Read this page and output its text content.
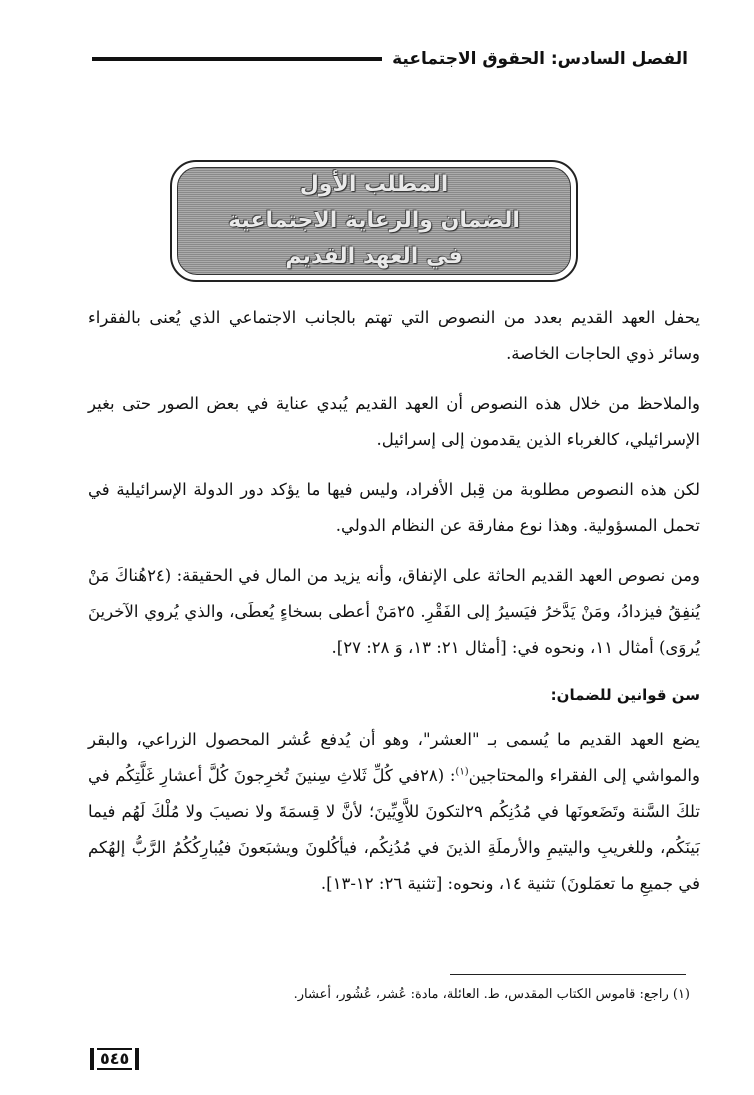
الفصل السادس: الحقوق الاجتماعية
المطلب الأول
الضمان والرعاية الاجتماعية
في العهد القديم

يحفل العهد القديم بعدد من النصوص التي تهتم بالجانب الاجتماعي الذي يُعنى بالفقراء وسائر ذوي الحاجات الخاصة.

والملاحظ من خلال هذه النصوص أن العهد القديم يُبدي عناية في بعض الصور حتى بغير الإسرائيلي، كالغرباء الذين يقدمون إلى إسرائيل.

لكن هذه النصوص مطلوبة من قِبل الأفراد، وليس فيها ما يؤكد دور الدولة الإسرائيلية في تحمل المسؤولية. وهذا نوع مفارقة عن النظام الدولي.

ومن نصوص العهد القديم الحاثة على الإنفاق، وأنه يزيد من المال في الحقيقة: (٢٤هُناكَ مَنْ يُنفِقُ فيزدادُ، ومَنْ يَدَّخرُ فيَسيرُ إلى الفَقْرِ. ٢٥مَنْ أعطى بسخاءٍ يُعطَى، والذي يُروي الآخرينَ يُروَى) أمثال ١١، ونحوه في: [أمثال ٢١: ١٣، وَ ٢٨: ٢٧].

سن قوانين للضمان:

يضع العهد القديم ما يُسمى بـ "العشر"، وهو أن يُدفع عُشر المحصول الزراعي، والبقر والمواشي إلى الفقراء والمحتاجين$^{(١)}$: (٢٨في كُلِّ ثَلاثِ سِنينَ تُخرِجونَ كُلَّ أعشارِ غَلَّتِكُم في تلكَ السَّنة وتَضَعونَها في مُدُنِكُم ٢٩لتكونَ للاَّوِيِّينَ؛ لأنَّ لا قِسمَةَ ولا نصيبَ ولا مُلْكَ لَهُم فيما بَينَكُم، وللغريبِ واليتيمِ والأرملَةِ الذينَ في مُدُنِكُم، فيأكُلونَ ويشبَعونَ فيُبارِكُكُمُ الرَّبُّ إلهُكم في جميعِ ما تعمَلونَ) تثنية ١٤، ونحوه: [تثنية ٢٦: ١٢-١٣].

(١) راجع: قاموس الكتاب المقدس، ط. العائلة، مادة: عُشر، عُشُور، أعشار.
٥٤٥
